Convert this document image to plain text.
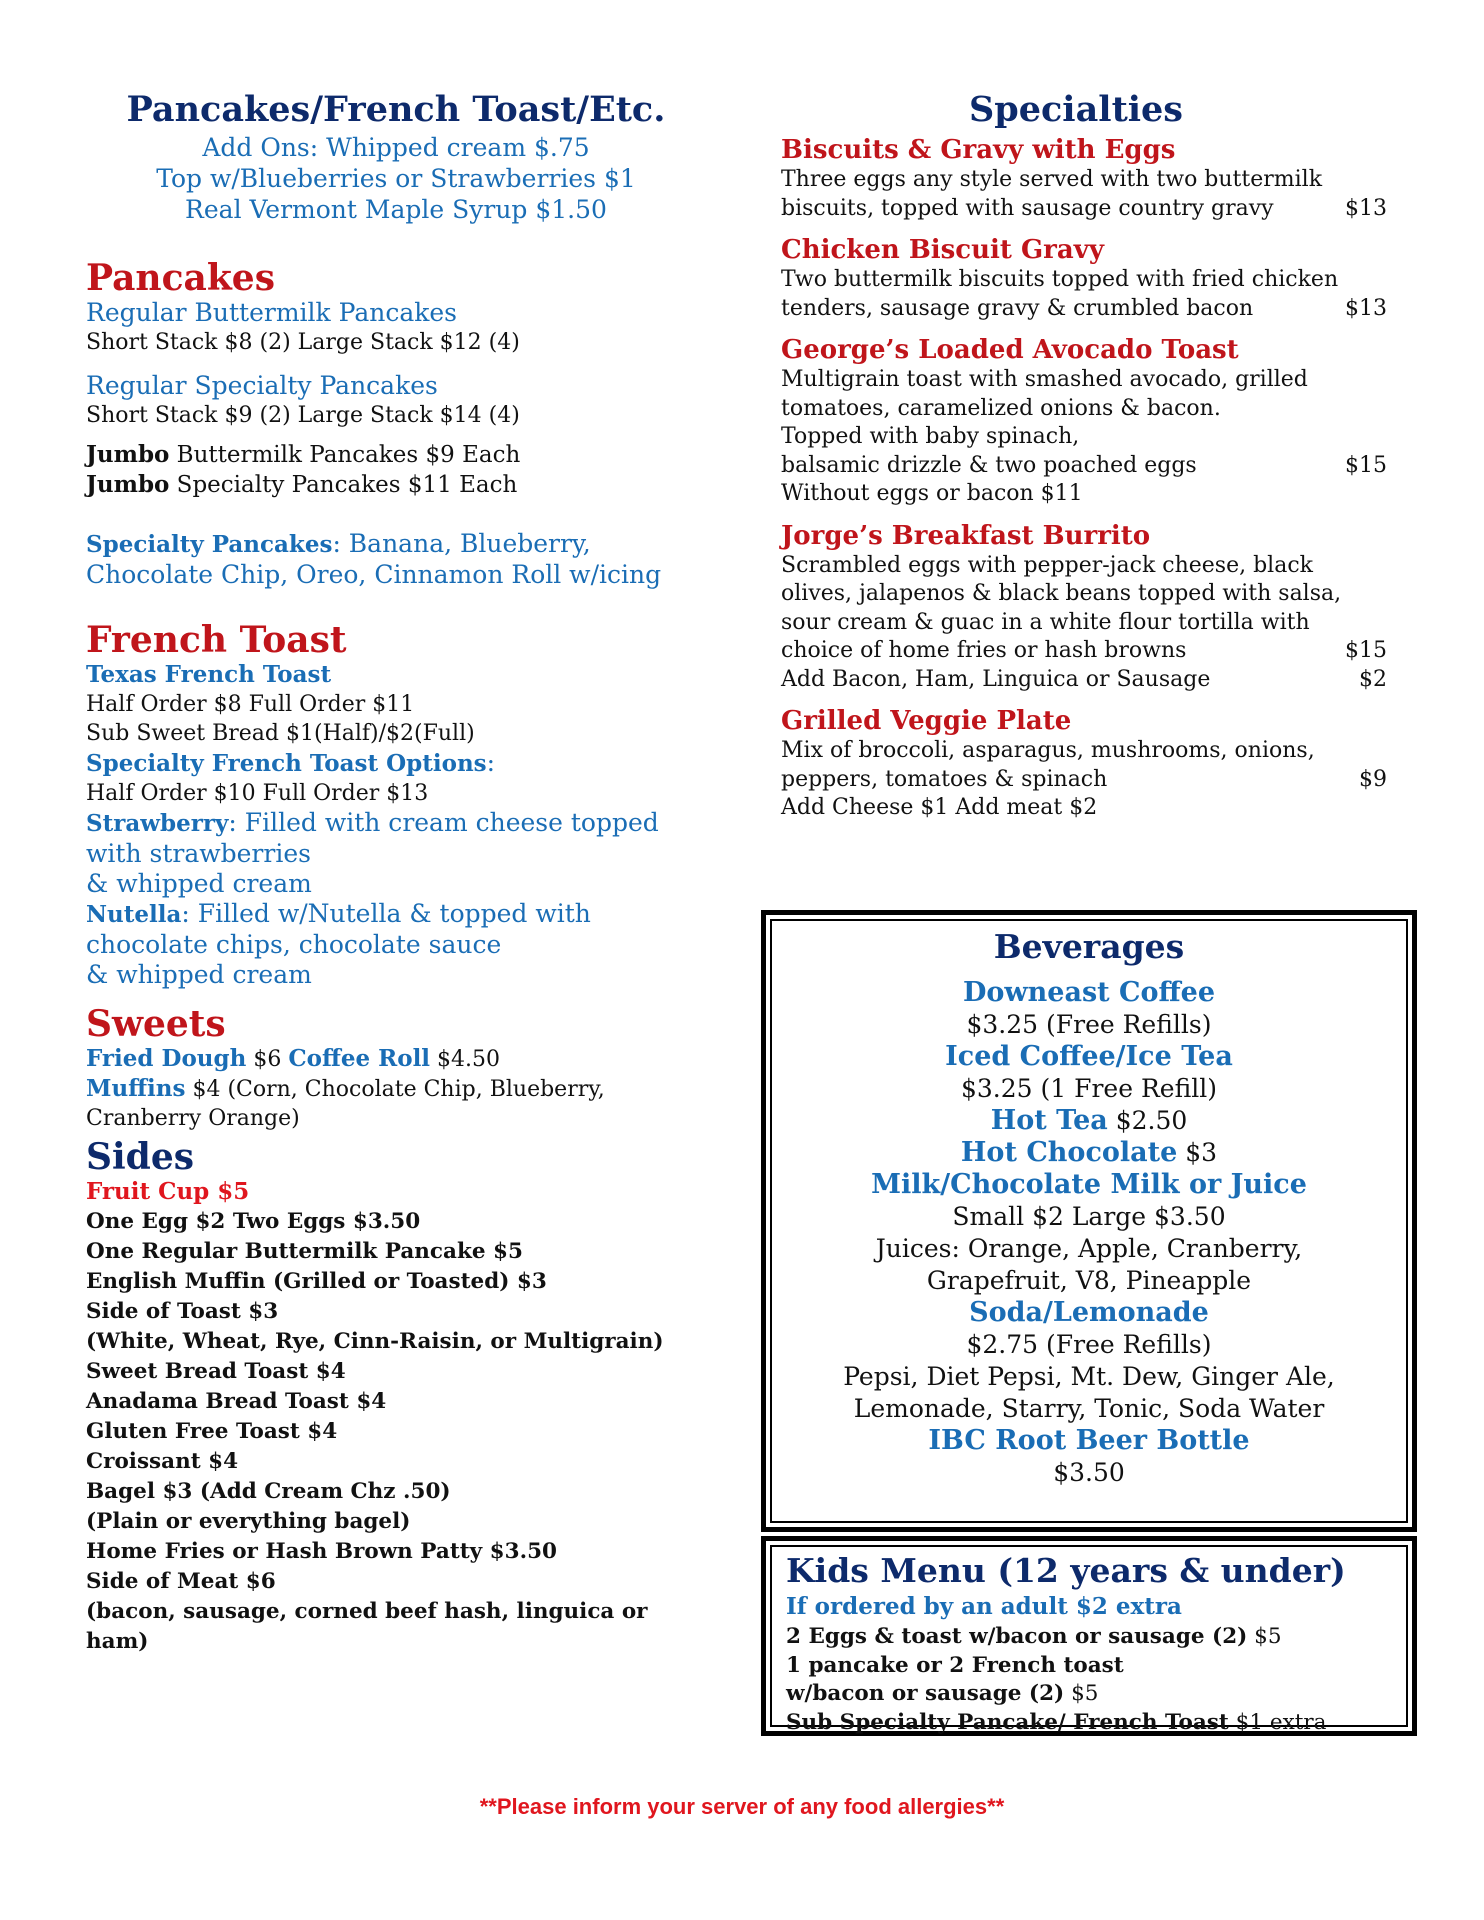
Pancakes/French Toast/Etc.
Add Ons: Whipped cream $.75
Top w/Blueberries or Strawberries $1
Real Vermont Maple Syrup $1.50
Pancakes
Regular Buttermilk Pancakes
Short Stack $8 (2) Large Stack $12 (4)
Regular Specialty Pancakes
Short Stack $9 (2) Large Stack $14 (4)
Jumbo Buttermilk Pancakes $9 Each
Jumbo Specialty Pancakes $11 Each
Specialty Pancakes: Banana, Blueberry,
Chocolate Chip, Oreo, Cinnamon Roll w/icing
French Toast
Texas French Toast
Half Order $8 Full Order $11
Sub Sweet Bread $1(Half)/$2(Full)
Specialty French Toast Options:
Half Order $10 Full Order $13
Strawberry: Filled with cream cheese topped
with strawberries
& whipped cream
Nutella: Filled w/Nutella & topped with
chocolate chips, chocolate sauce
& whipped cream
Sweets
Fried Dough $6 Coffee Roll $4.50
Muffins $4 (Corn, Chocolate Chip, Blueberry,
Cranberry Orange)
Sides
Fruit Cup $5
One Egg $2 Two Eggs $3.50
One Regular Buttermilk Pancake $5
English Muffin (Grilled or Toasted) $3
Side of Toast $3
(White, Wheat, Rye, Cinn-Raisin, or Multigrain)
Sweet Bread Toast $4
Anadama Bread Toast $4
Gluten Free Toast $4
Croissant $4
Bagel $3 (Add Cream Chz .50)
(Plain or everything bagel)
Home Fries or Hash Brown Patty $3.50
Side of Meat $6
(bacon, sausage, corned beef hash, linguica or ham)
Specialties
Biscuits & Gravy with Eggs
Three eggs any style served with two buttermilk
biscuits, topped with sausage country gravy	$13
Chicken Biscuit Gravy
Two buttermilk biscuits topped with fried chicken
tenders, sausage gravy & crumbled bacon	$13
George’s Loaded Avocado Toast
Multigrain toast with smashed avocado, grilled
tomatoes, caramelized onions & bacon.
Topped with baby spinach,
balsamic drizzle & two poached eggs	$15
Without eggs or bacon $11
Jorge’s Breakfast Burrito
Scrambled eggs with pepper-jack cheese, black
olives, jalapenos & black beans topped with salsa,
sour cream & guac in a white flour tortilla with
choice of home fries or hash browns	$15
Add Bacon, Ham, Linguica or Sausage	$2
Grilled Veggie Plate
Mix of broccoli, asparagus, mushrooms, onions,
peppers, tomatoes & spinach	$9
Add Cheese $1 Add meat $2
Beverages
Downeast Coffee
$3.25 (Free Refills)
Iced Coffee/Ice Tea
$3.25 (1 Free Refill)
Hot Tea $2.50
Hot Chocolate $3
Milk/Chocolate Milk or Juice
Small $2 Large $3.50
Juices: Orange, Apple, Cranberry,
Grapefruit, V8, Pineapple
Soda/Lemonade
$2.75 (Free Refills)
Pepsi, Diet Pepsi, Mt. Dew, Ginger Ale,
Lemonade, Starry, Tonic, Soda Water
IBC Root Beer Bottle
$3.50
Kids Menu (12 years & under)
If ordered by an adult $2 extra
2 Eggs & toast w/bacon or sausage (2) $5
1 pancake or 2 French toast
w/bacon or sausage (2) $5
Sub Specialty Pancake/ French Toast $1 extra
**Please inform your server of any food allergies**
